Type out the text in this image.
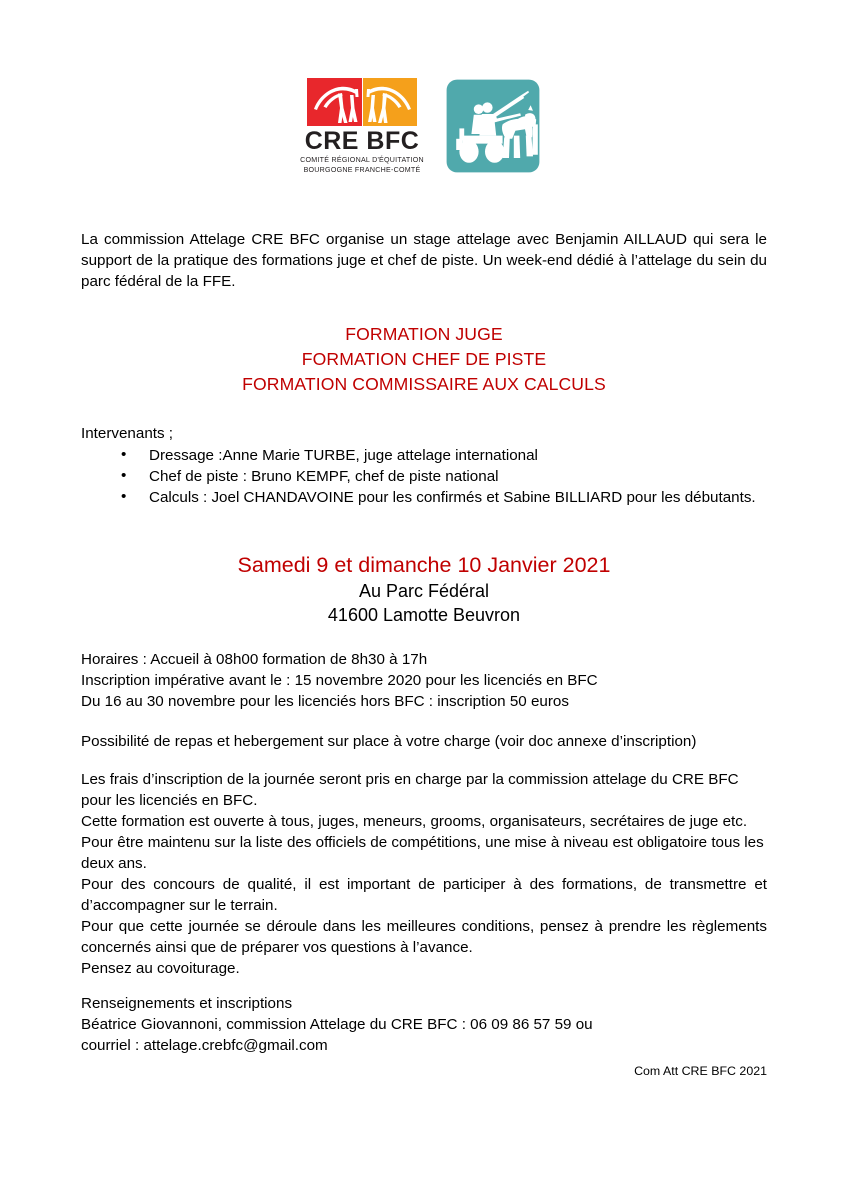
CRE BFC
COMITÉ RÉGIONAL D'ÉQUITATION
BOURGOGNE FRANCHE-COMTÉ

La commission Attelage CRE BFC organise un stage attelage avec Benjamin AILLAUD qui sera le support de la pratique des formations juge et chef de piste. Un week-end dédié à l’attelage du sein du parc fédéral de la FFE.

FORMATION JUGE
FORMATION CHEF DE PISTE
FORMATION COMMISSAIRE AUX CALCULS

Intervenants ;

• Dressage :Anne Marie TURBE, juge attelage international
• Chef de piste : Bruno KEMPF, chef de piste national
• Calculs : Joel CHANDAVOINE pour les confirmés et Sabine BILLIARD pour les débutants.
Samedi 9 et dimanche 10 Janvier 2021
Au Parc Fédéral
41600 Lamotte Beuvron
Horaires : Accueil à 08h00 formation de 8h30 à 17h
Inscription impérative avant le : 15 novembre 2020 pour les licenciés en BFC
Du 16 au 30 novembre pour les licenciés hors BFC : inscription 50 euros
Possibilité de repas et hebergement sur place à votre charge (voir doc annexe d’inscription)

Les frais d’inscription de la journée seront pris en charge par la commission attelage du CRE BFC pour les licenciés en BFC.

Cette formation est ouverte à tous, juges, meneurs, grooms, organisateurs, secrétaires de juge etc.

Pour être maintenu sur la liste des officiels de compétitions, une mise à niveau est obligatoire tous les deux ans.

Pour des concours de qualité, il est important de participer à des formations, de transmettre et d’accompagner sur le terrain.

Pour que cette journée se déroule dans les meilleures conditions, pensez à prendre les règlements concernés ainsi que de préparer vos questions à l’avance.

Pensez au covoiturage.

Renseignements et inscriptions
Béatrice Giovannoni, commission Attelage du CRE BFC : 06 09 86 57 59 ou
courriel : attelage.crebfc@gmail.com
Com Att CRE BFC 2021
